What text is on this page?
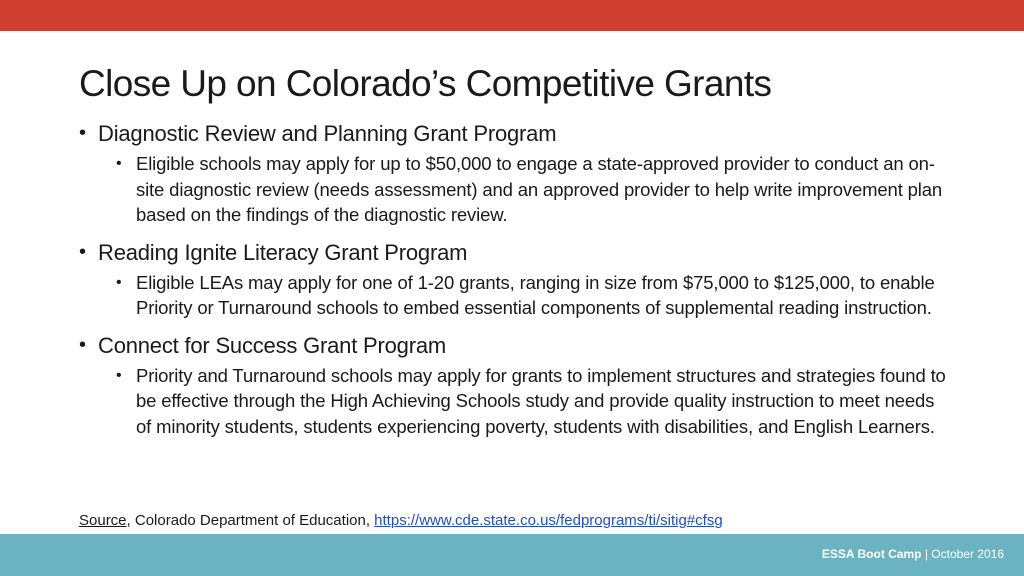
Close Up on Colorado’s Competitive Grants

• Diagnostic Review and Planning Grant Program

• Eligible schools may apply for up to $50,000 to engage a state-approved provider to conduct an on-site diagnostic review (needs assessment) and an approved provider to help write improvement plan based on the findings of the diagnostic review.

• Reading Ignite Literacy Grant Program

• Eligible LEAs may apply for one of 1-20 grants, ranging in size from $75,000 to $125,000, to enable Priority or Turnaround schools to embed essential components of supplemental reading instruction.

• Connect for Success Grant Program

• Priority and Turnaround schools may apply for grants to implement structures and strategies found to be effective through the High Achieving Schools study and provide quality instruction to meet needs of minority students, students experiencing poverty, students with disabilities, and English Learners.

Source, Colorado Department of Education, https://www.cde.state.co.us/fedprograms/ti/sitig#cfsg
ESSA Boot Camp | October 2016
